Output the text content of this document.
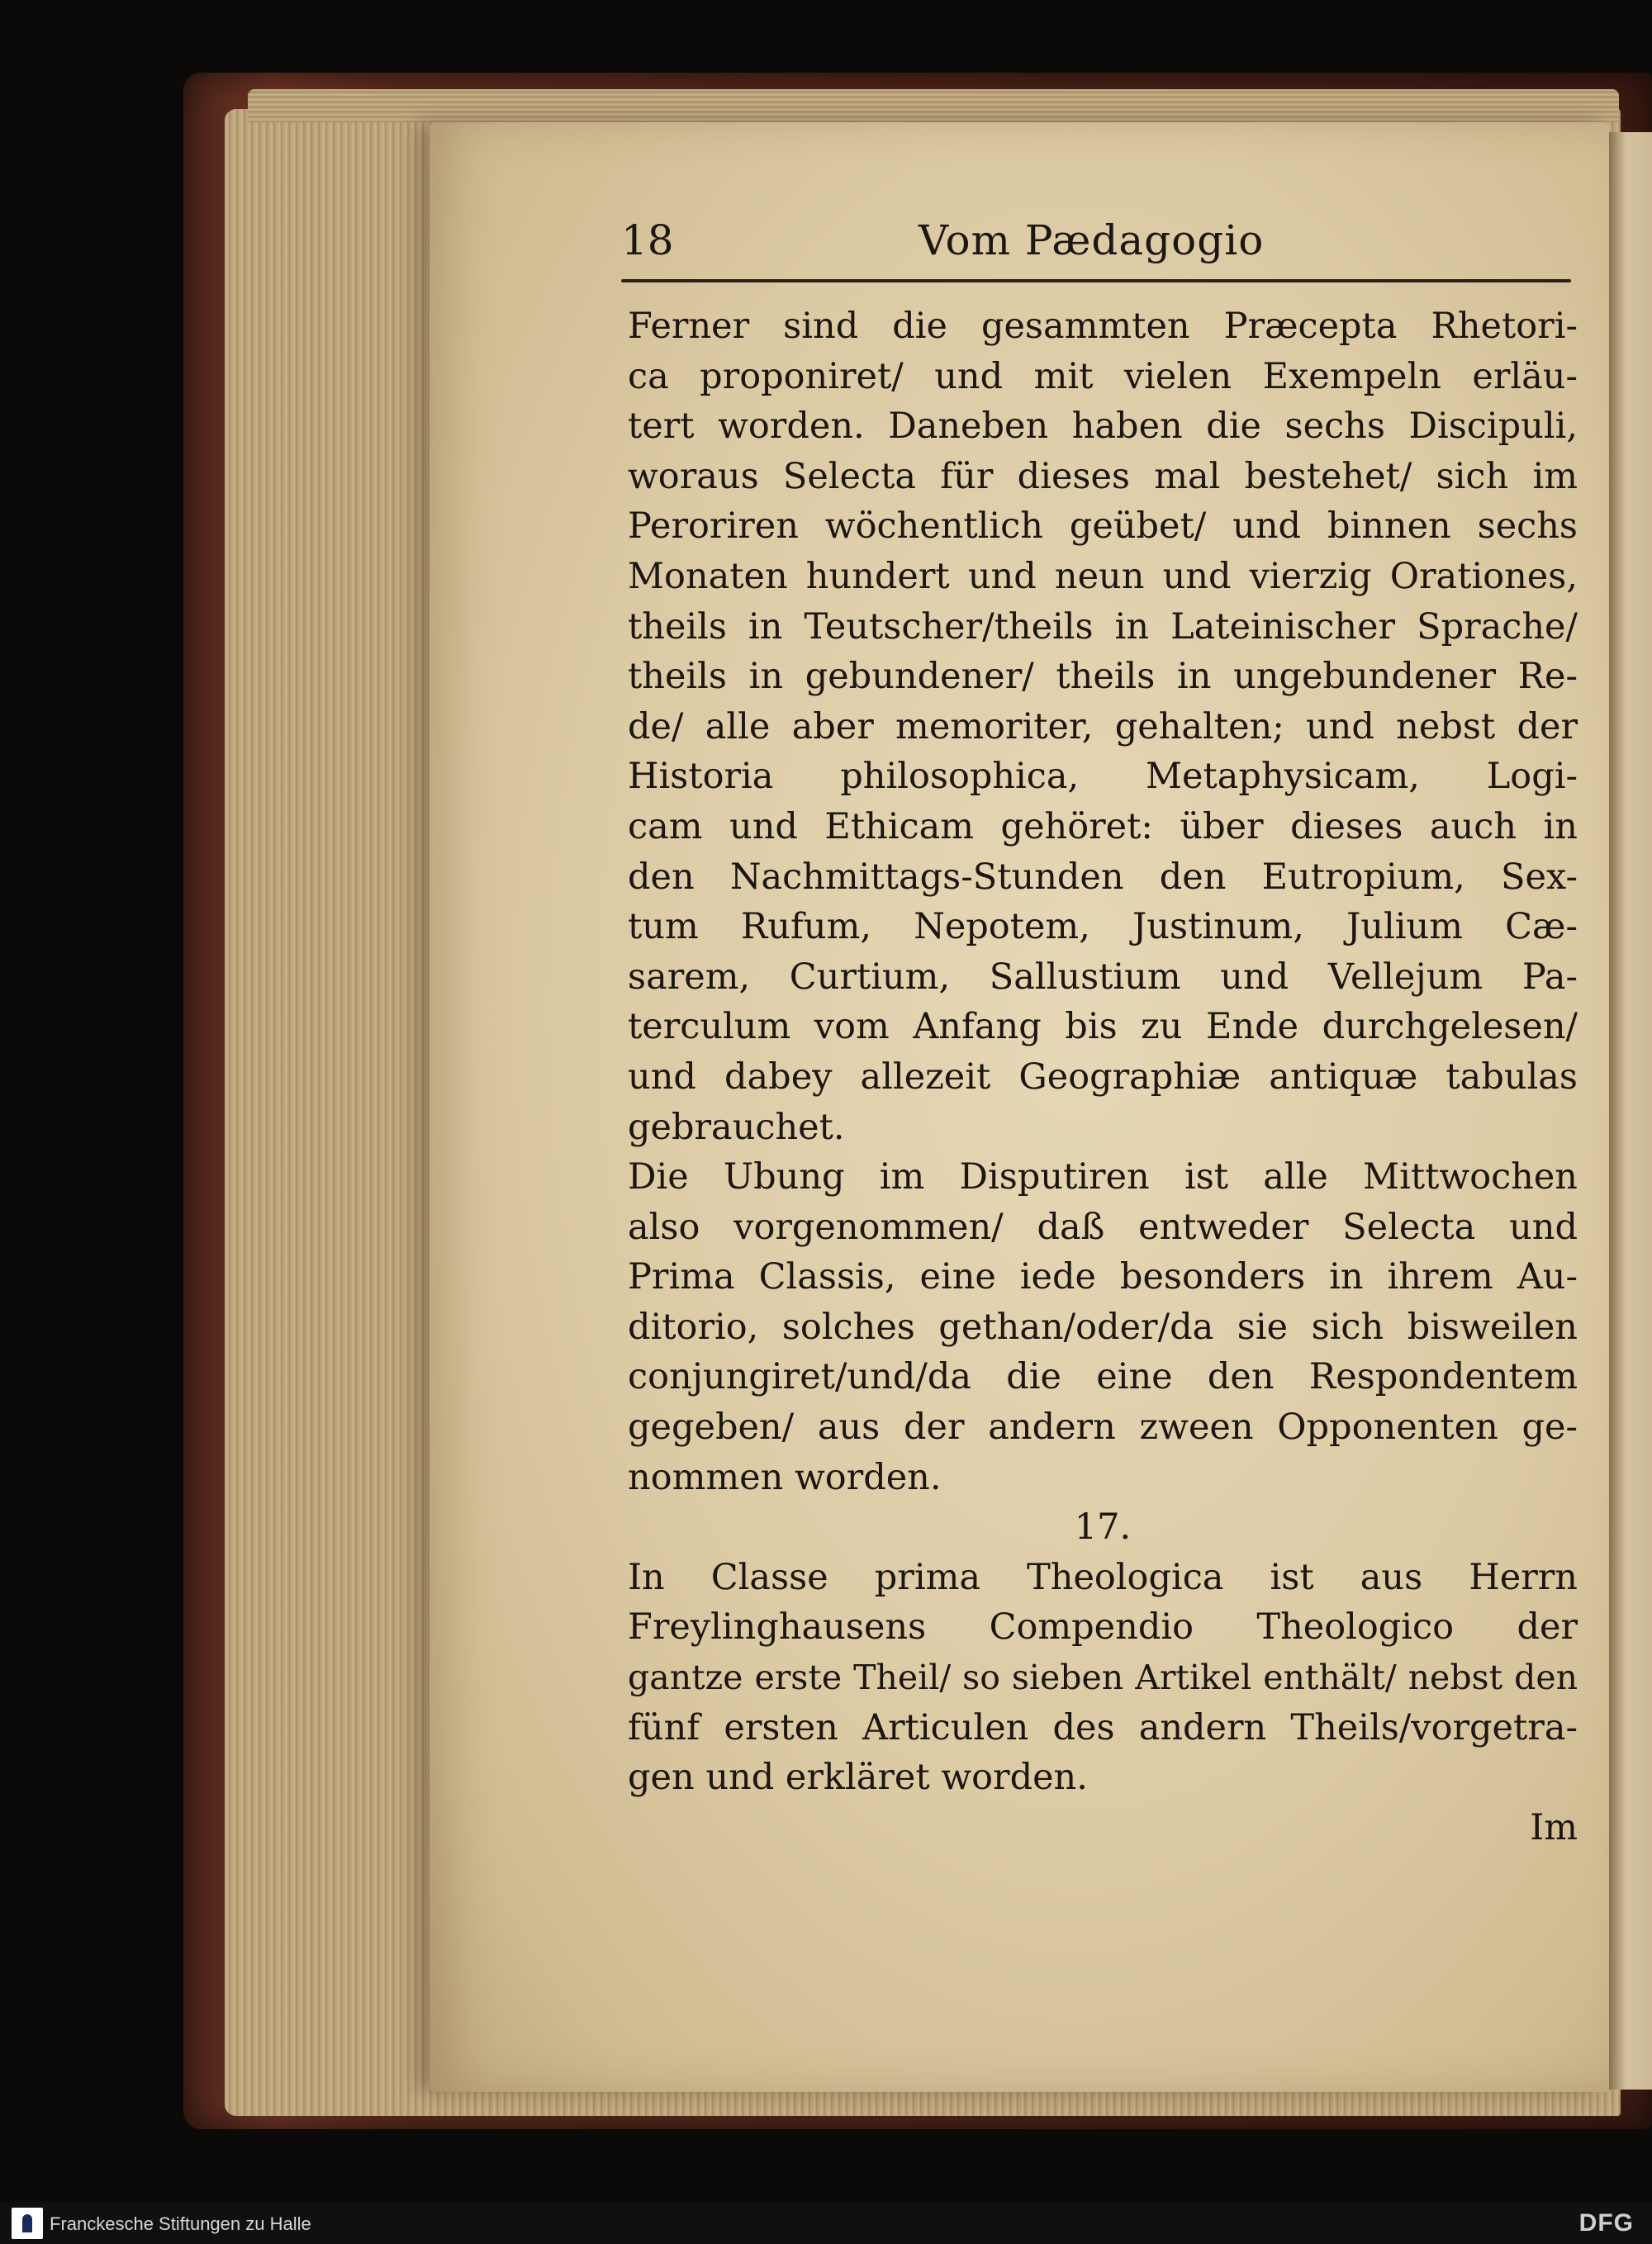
18	Vom Pædagogio
Ferner sind die gesammten Præcepta Rhetori-
ca proponiret/ und mit vielen Exempeln erläu-
tert worden. Daneben haben die sechs Discipuli,
woraus Selecta für dieses mal bestehet/ sich im
Peroriren wöchentlich geübet/ und binnen sechs
Monaten hundert und neun und vierzig Orationes,
theils in Teutscher/theils in Lateinischer Sprache/
theils in gebundener/ theils in ungebundener Re-
de/ alle aber memoriter, gehalten; und nebst der
Historia philosophica, Metaphysicam, Logi-
cam und Ethicam gehöret: über dieses auch in
den Nachmittags-Stunden den Eutropium, Sex-
tum Rufum, Nepotem, Justinum, Julium Cæ-
sarem, Curtium, Sallustium und Vellejum Pa-
terculum vom Anfang bis zu Ende durchgelesen/
und dabey allezeit Geographiæ antiquæ tabulas
gebrauchet.
Die Ubung im Disputiren ist alle Mittwochen
also vorgenommen/ daß entweder Selecta und
Prima Classis, eine iede besonders in ihrem Au-
ditorio, solches gethan/oder/da sie sich bisweilen
conjungiret/und/da die eine den Respondentem
gegeben/ aus der andern zween Opponenten ge-
nommen worden.
17.
In Classe prima Theologica ist aus Herrn
Freylinghausens Compendio Theologico der
gantze erste Theil/ so sieben Artikel enthält/ nebst den
fünf ersten Articulen des andern Theils/vorgetra-
gen und erkläret worden.
Im
Franckesche Stiftungen zu Halle	DFG
